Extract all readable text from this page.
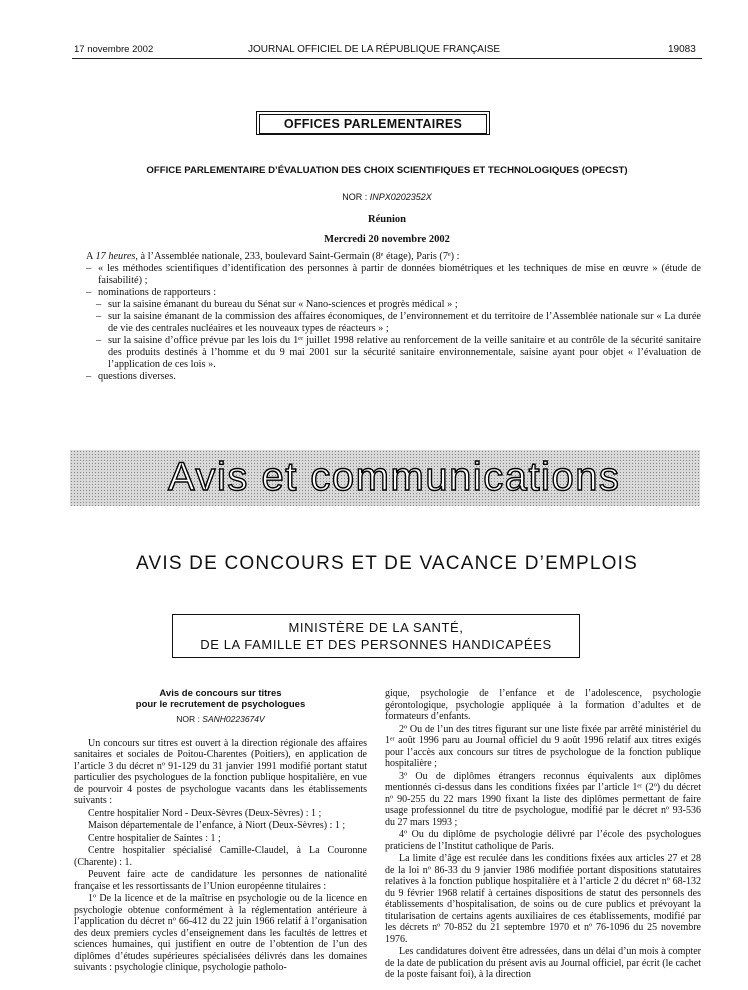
17 novembre 2002	JOURNAL OFFICIEL DE LA RÉPUBLIQUE FRANÇAISE	19083
OFFICES PARLEMENTAIRES
OFFICE PARLEMENTAIRE D’ÉVALUATION DES CHOIX SCIENTIFIQUES ET TECHNOLOGIQUES (OPECST)
NOR : INPX0202352X
Réunion
Mercredi 20 novembre 2002
A 17 heures, à l’Assemblée nationale, 233, boulevard Saint-Germain (8ᵉ étage), Paris (7ᵉ) :
– « les méthodes scientifiques d’identification des personnes à partir de données biométriques et les techniques de mise en œuvre » (étude de faisabilité) ;
– nominations de rapporteurs :
– sur la saisine émanant du bureau du Sénat sur « Nano-sciences et progrès médical » ;
– sur la saisine émanant de la commission des affaires économiques, de l’environnement et du territoire de l’Assemblée nationale sur « La durée de vie des centrales nucléaires et les nouveaux types de réacteurs » ;
– sur la saisine d’office prévue par les lois du 1ᵉʳ juillet 1998 relative au renforcement de la veille sanitaire et au contrôle de la sécurité sanitaire des produits destinés à l’homme et du 9 mai 2001 sur la sécurité sanitaire environnementale, saisine ayant pour objet « l’évaluation de l’application de ces lois ».
– questions diverses.
Avis et communications
AVIS DE CONCOURS ET DE VACANCE D’EMPLOIS
MINISTÈRE DE LA SANTÉ,
DE LA FAMILLE ET DES PERSONNES HANDICAPÉES
Avis de concours sur titres
pour le recrutement de psychologues
NOR : SANH0223674V

Un concours sur titres est ouvert à la direction régionale des affaires sanitaires et sociales de Poitou-Charentes (Poitiers), en application de l’article 3 du décret nº 91-129 du 31 janvier 1991 modifié portant statut particulier des psychologues de la fonction publique hospitalière, en vue de pourvoir 4 postes de psychologue vacants dans les établissements suivants :

Centre hospitalier Nord - Deux-Sèvres (Deux-Sèvres) : 1 ;

Maison départementale de l’enfance, à Niort (Deux-Sèvres) : 1 ;

Centre hospitalier de Saintes : 1 ;

Centre hospitalier spécialisé Camille-Claudel, à La Couronne (Charente) : 1.

Peuvent faire acte de candidature les personnes de nationalité française et les ressortissants de l’Union européenne titulaires :

1º De la licence et de la maîtrise en psychologie ou de la licence en psychologie obtenue conformément à la réglementation antérieure à l’application du décret nº 66-412 du 22 juin 1966 relatif à l’organisation des deux premiers cycles d’enseignement dans les facultés de lettres et sciences humaines, qui justifient en outre de l’obtention de l’un des diplômes d’études supérieures spécialisées délivrés dans les domaines suivants : psychologie clinique, psychologie patholo-

gique, psychologie de l’enfance et de l’adolescence, psychologie gérontologique, psychologie appliquée à la formation d’adultes et de formateurs d’enfants.

2º Ou de l’un des titres figurant sur une liste fixée par arrêté ministériel du 1ᵉʳ août 1996 paru au Journal officiel du 9 août 1996 relatif aux titres exigés pour l’accès aux concours sur titres de psychologue de la fonction publique hospitalière ;

3º Ou de diplômes étrangers reconnus équivalents aux diplômes mentionnés ci-dessus dans les conditions fixées par l’article 1ᵉʳ (2º) du décret nº 90-255 du 22 mars 1990 fixant la liste des diplômes permettant de faire usage professionnel du titre de psychologue, modifié par le décret nº 93-536 du 27 mars 1993 ;

4º Ou du diplôme de psychologie délivré par l’école des psychologues praticiens de l’Institut catholique de Paris.

La limite d’âge est reculée dans les conditions fixées aux articles 27 et 28 de la loi nº 86-33 du 9 janvier 1986 modifiée portant dispositions statutaires relatives à la fonction publique hospitalière et à l’article 2 du décret nº 68-132 du 9 février 1968 relatif à certaines dispositions de statut des personnels des établissements d’hospitalisation, de soins ou de cure publics et prévoyant la titularisation de certains agents auxiliaires de ces établissements, modifié par les décrets nº 70-852 du 21 septembre 1970 et nº 76-1096 du 25 novembre 1976.

Les candidatures doivent être adressées, dans un délai d’un mois à compter de la date de publication du présent avis au Journal officiel, par écrit (le cachet de la poste faisant foi), à la direction
